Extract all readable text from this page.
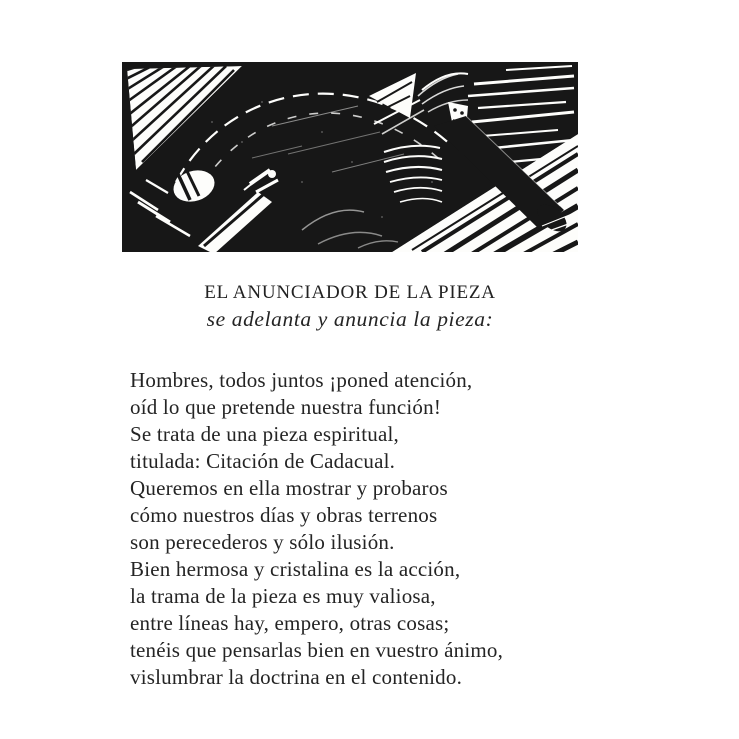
EL ANUNCIADOR DE LA PIEZA
se adelanta y anuncia la pieza:
Hombres, todos juntos ¡poned atención,
oíd lo que pretende nuestra función!
Se trata de una pieza espiritual,
titulada: Citación de Cadacual.
Queremos en ella mostrar y probaros
cómo nuestros días y obras terrenos
son perecederos y sólo ilusión.
Bien hermosa y cristalina es la acción,
la trama de la pieza es muy valiosa,
entre líneas hay, empero, otras cosas;
tenéis que pensarlas bien en vuestro ánimo,
vislumbrar la doctrina en el contenido.
